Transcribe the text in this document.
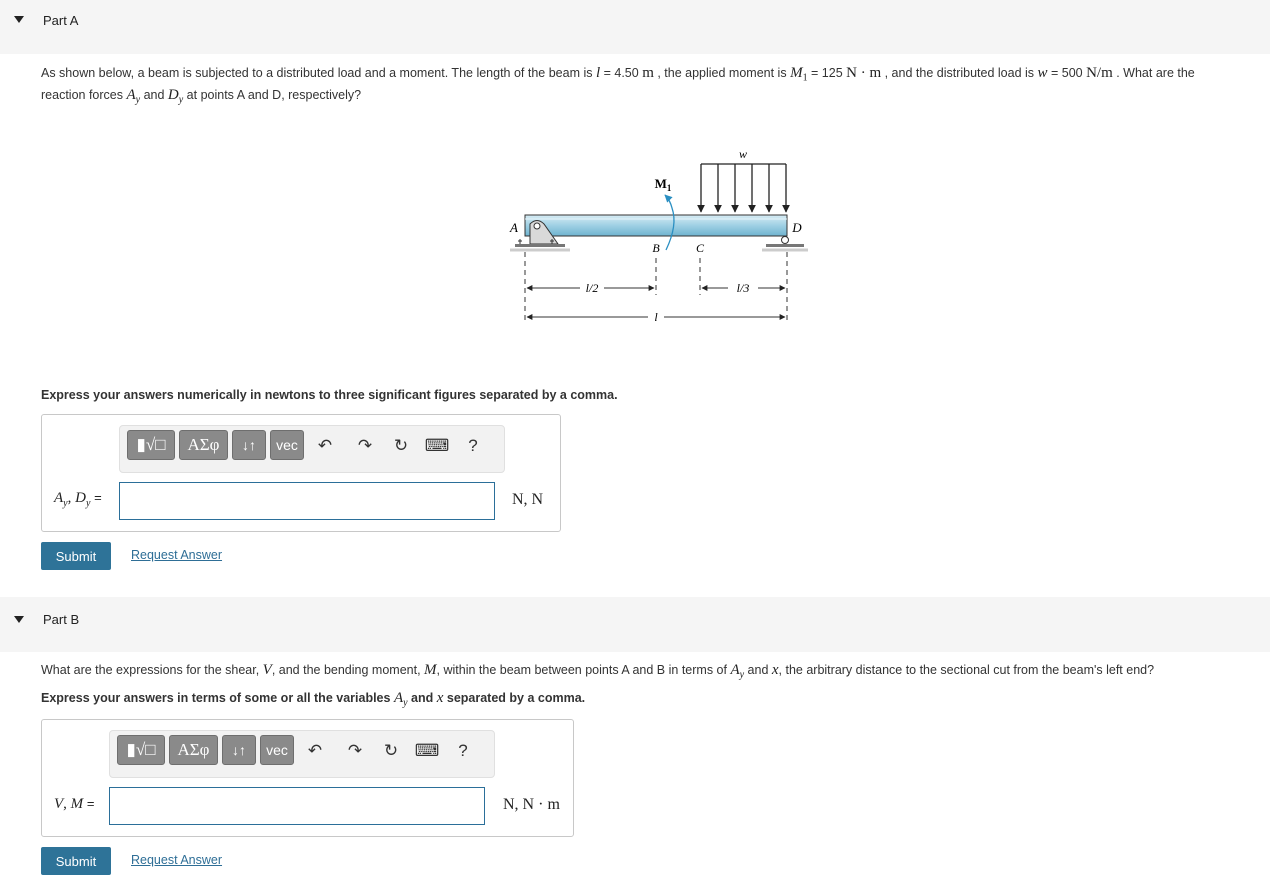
Part A
As shown below, a beam is subjected to a distributed load and a moment. The length of the beam is l = 4.50 m , the applied moment is $M_1 = 125$ N · m , and the distributed load is w = 500 N/m . What are the
reaction forces $A_y$ and $D_y$ at points A and D, respectively?
w
A	D
$M_1$
B	C
l/2	l/3
l
Express your answers numerically in newtons to three significant figures separated by a comma.
▮√□	ΑΣφ	↓↑	vec	↶ ↷ ↻ ⌨	?
$A_y$, $D_y$ =	N, N
Submit	Request Answer
Part B
What are the expressions for the shear, V, and the bending moment, M, within the beam between points A and B in terms of $A_y$ and x, the arbitrary distance to the sectional cut from the beam's left end?
Express your answers in terms of some or all the variables $A_y$ and x separated by a comma.
▮√□	ΑΣφ	↓↑	vec	↶ ↷ ↻ ⌨	?
V, M =	N, N · m
Submit	Request Answer
